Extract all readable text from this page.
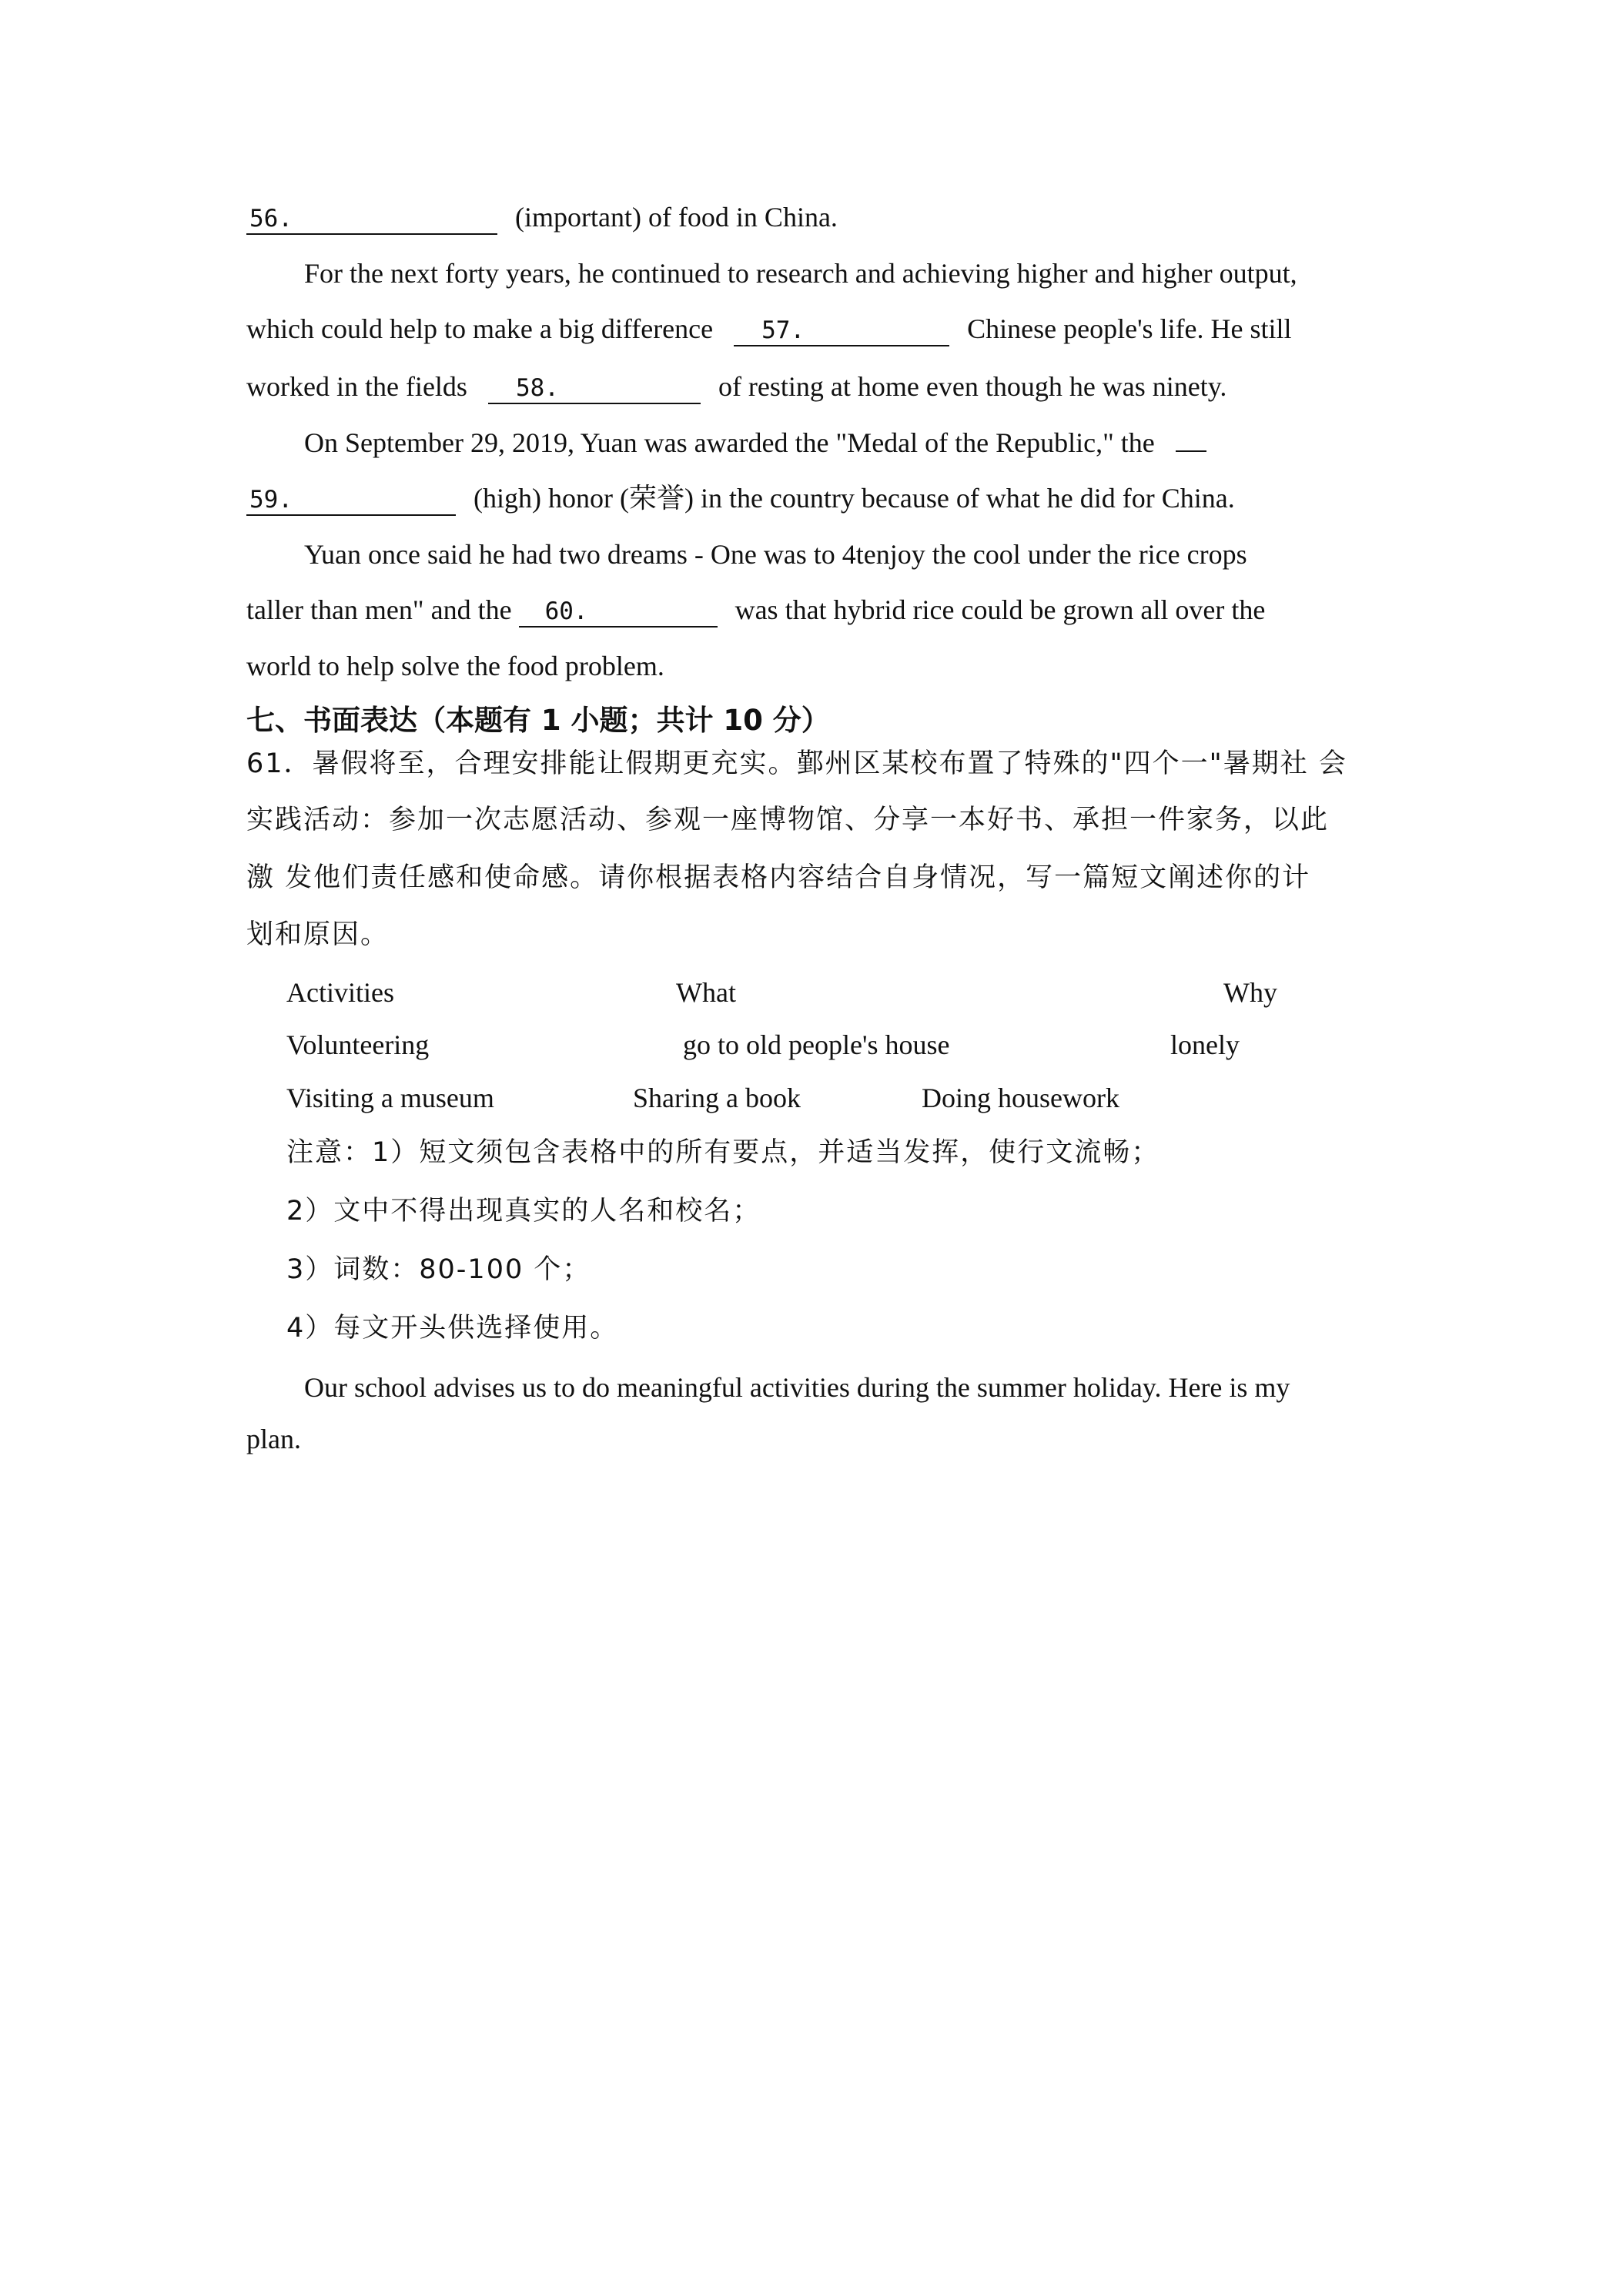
56.	(important) of food in China.
For the next forty years, he continued to research and achieving higher and higher output,
which could help to make a big difference 57.	Chinese people's life. He still
worked in the fields 58.	of resting at home even though he was ninety.
On September 29, 2019, Yuan was awarded the "Medal of the Republic," the
59.	(high) honor (荣誉) in the country because of what he did for China.
Yuan once said he had two dreams - One was to 4tenjoy the cool under the rice crops
taller than men" and the 60.	was that hybrid rice could be grown all over the
world to help solve the food problem.
七、书面表达（本题有 1 小题；共计 10 分）
61．暑假将至，合理安排能让假期更充实。鄞州区某校布置了特殊的"四个一"暑期社 会
实践活动：参加一次志愿活动、参观一座博物馆、分享一本好书、承担一件家务，以此
激 发他们责任感和使命感。请你根据表格内容结合自身情况，写一篇短文阐述你的计
划和原因。
Activities	What	Why
Volunteering	go to old people's house	lonely
Visiting a museum	Sharing a book	Doing housework
注意：1）短文须包含表格中的所有要点，并适当发挥，使行文流畅；
2）文中不得出现真实的人名和校名；
3）词数：80-100 个；
4）每文开头供选择使用。
Our school advises us to do meaningful activities during the summer holiday. Here is my
plan.
